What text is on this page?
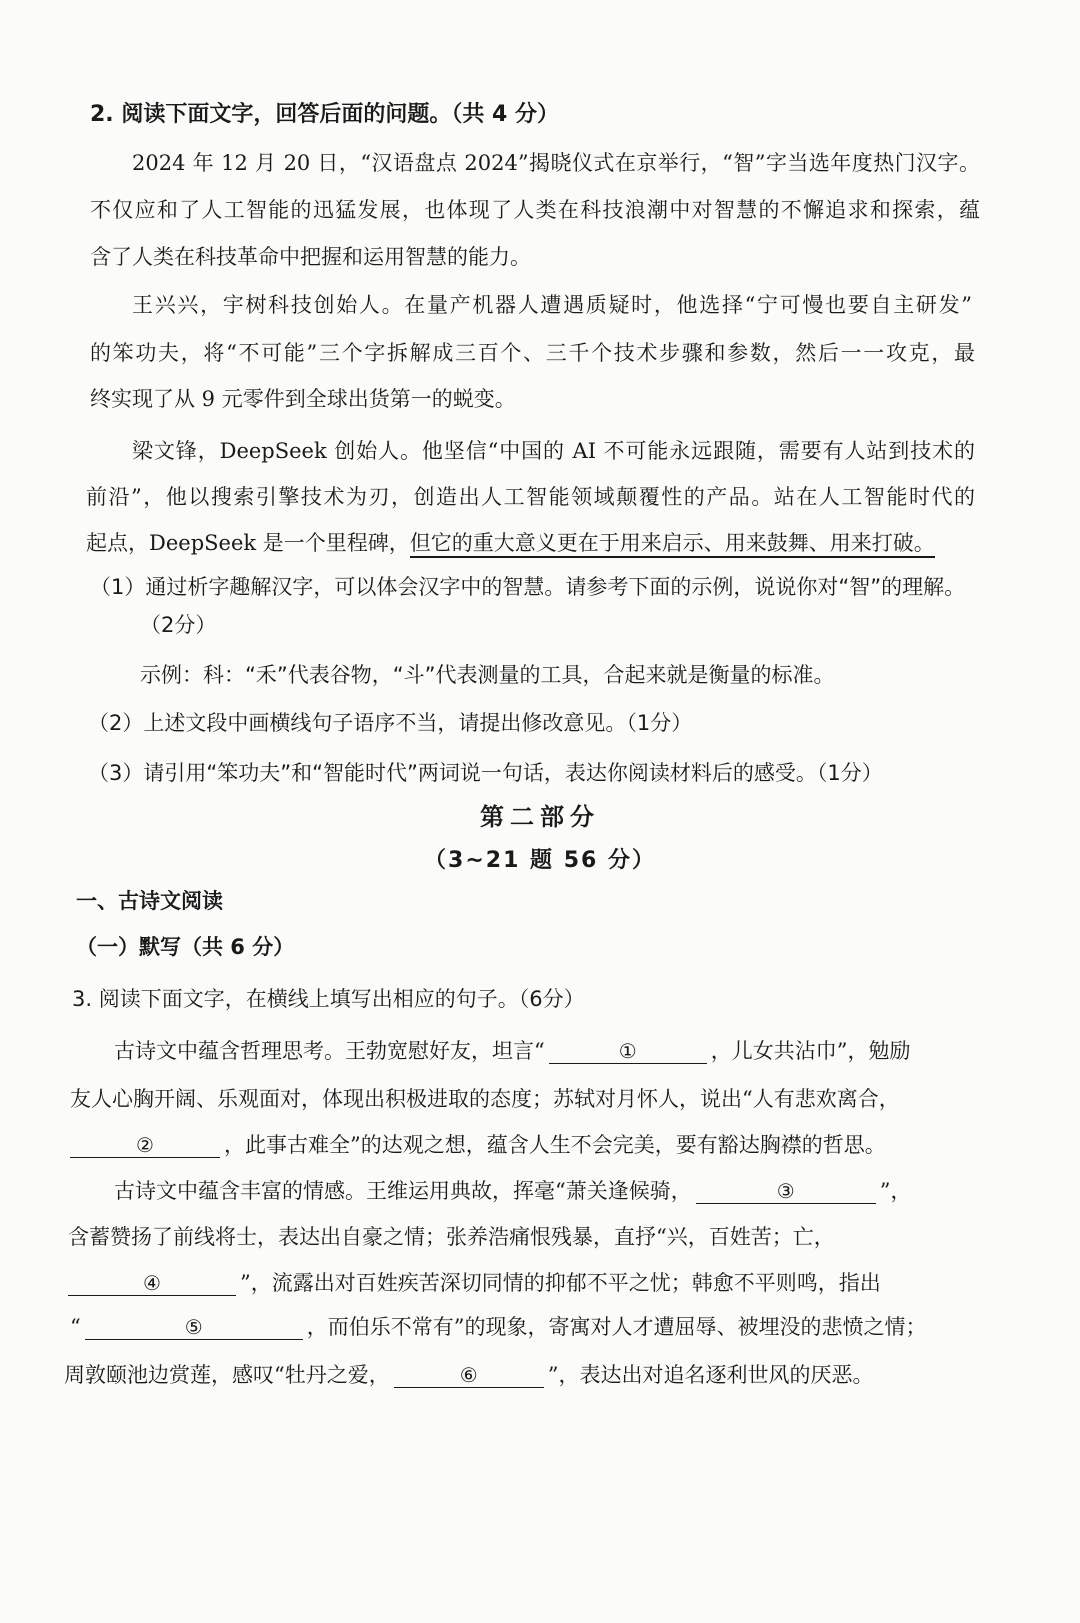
2. 阅读下面文字，回答后面的问题。（共 4 分）
2024 年 12 月 20 日，“汉语盘点 2024”揭晓仪式在京举行，“智”字当选年度热门汉字。
不仅应和了人工智能的迅猛发展，也体现了人类在科技浪潮中对智慧的不懈追求和探索，蕴
含了人类在科技革命中把握和运用智慧的能力。
王兴兴，宇树科技创始人。在量产机器人遭遇质疑时，他选择“宁可慢也要自主研发”
的笨功夫，将“不可能”三个字拆解成三百个、三千个技术步骤和参数，然后一一攻克，最
终实现了从 9 元零件到全球出货第一的蜕变。
梁文锋，DeepSeek 创始人。他坚信“中国的 AI 不可能永远跟随，需要有人站到技术的
前沿”，他以搜索引擎技术为刃，创造出人工智能领域颠覆性的产品。站在人工智能时代的
起点，DeepSeek 是一个里程碑，但它的重大意义更在于用来启示、用来鼓舞、用来打破。
（1）通过析字趣解汉字，可以体会汉字中的智慧。请参考下面的示例，说说你对“智”的理解。
（2分）
示例：科：“禾”代表谷物，“斗”代表测量的工具，合起来就是衡量的标准。
（2）上述文段中画横线句子语序不当，请提出修改意见。（1分）
（3）请引用“笨功夫”和“智能时代”两词说一句话，表达你阅读材料后的感受。（1分）
第二部分
（3~21 题 56 分）
一、古诗文阅读
（一）默写（共 6 分）
3. 阅读下面文字，在横线上填写出相应的句子。（6分）
古诗文中蕴含哲理思考。王勃宽慰好友，坦言“	①	，儿女共沾巾”，勉励
友人心胸开阔、乐观面对，体现出积极进取的态度；苏轼对月怀人，说出“人有悲欢离合，
②	，此事古难全”的达观之想，蕴含人生不会完美，要有豁达胸襟的哲思。
古诗文中蕴含丰富的情感。王维运用典故，挥毫“萧关逢候骑，	③	”，
含蓄赞扬了前线将士，表达出自豪之情；张养浩痛恨残暴，直抒“兴，百姓苦；亡，
④	”，流露出对百姓疾苦深切同情的抑郁不平之忧；韩愈不平则鸣，指出
“	⑤	，而伯乐不常有”的现象，寄寓对人才遭屈辱、被埋没的悲愤之情；
周敦颐池边赏莲，感叹“牡丹之爱，	⑥	”，表达出对追名逐利世风的厌恶。
